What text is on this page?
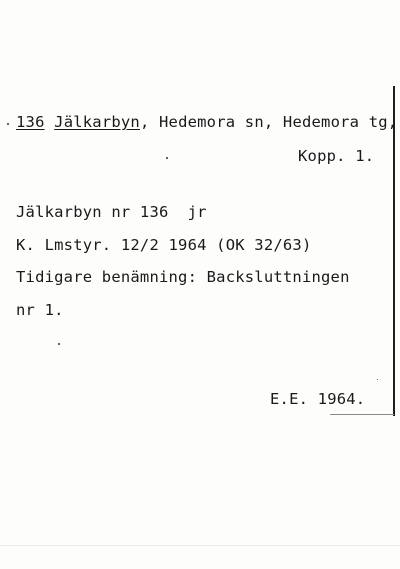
136 Jälkarbyn, Hedemora sn, Hedemora tg,
Kopp. 1.
Jälkarbyn nr 136  jr
K. Lmstyr. 12/2 1964 (OK 32/63)
Tidigare benämning: Backsluttningen
nr 1.
E.E. 1964.
